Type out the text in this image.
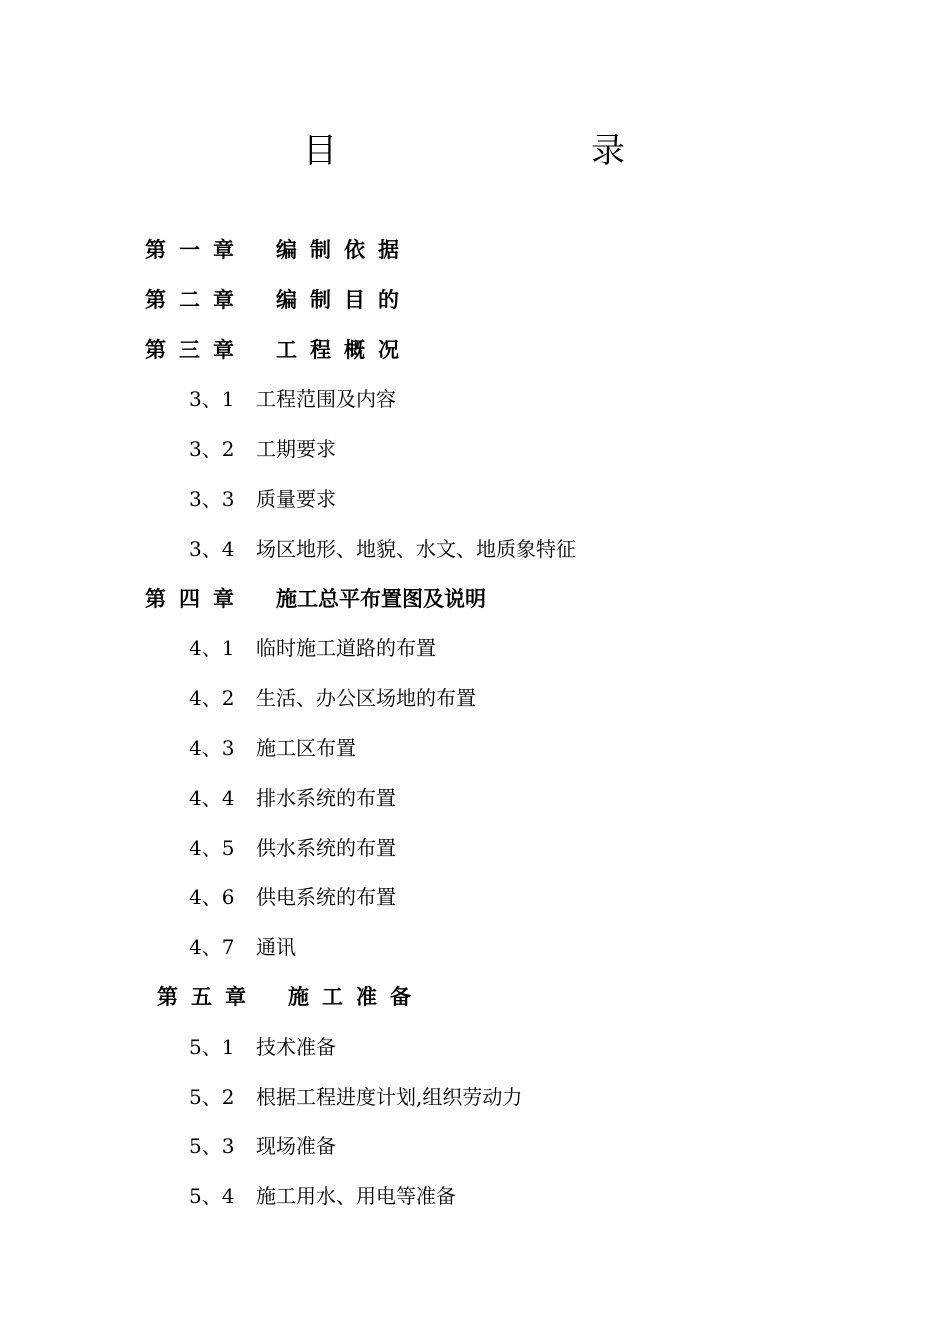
目　　录
第一章 编制依据
第二章 编制目的
第三章 工程概况
3、1 工程范围及内容
3、2 工期要求
3、3 质量要求
3、4 场区地形、地貌、水文、地质象特征
第四章 施工总平布置图及说明
4、1 临时施工道路的布置
4、2 生活、办公区场地的布置
4、3 施工区布置
4、4 排水系统的布置
4、5 供水系统的布置
4、6 供电系统的布置
4、7 通讯
第五章 施工准备
5、1 技术准备
5、2 根据工程进度计划,组织劳动力
5、3 现场准备
5、4 施工用水、用电等准备
